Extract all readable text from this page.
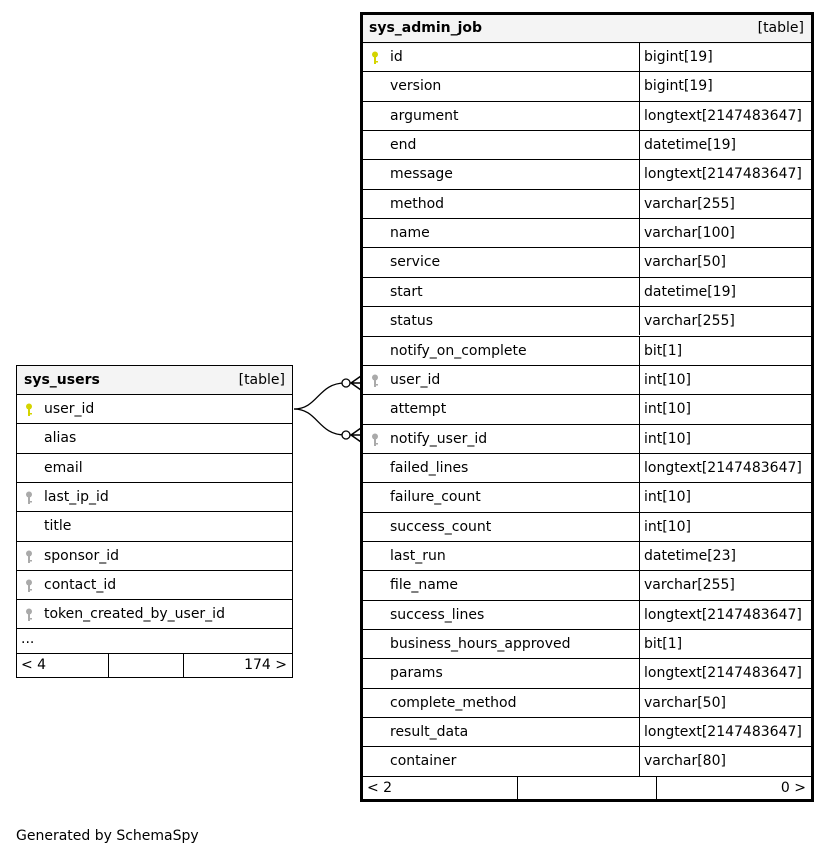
sys_users	[table]
user_id
alias
email
last_ip_id
title
sponsor_id
contact_id
token_created_by_user_id
...
< 4	174 >
sys_admin_job	[table]
id	bigint[19]
version	bigint[19]
argument	longtext[2147483647]
end	datetime[19]
message	longtext[2147483647]
method	varchar[255]
name	varchar[100]
service	varchar[50]
start	datetime[19]
status	varchar[255]
notify_on_complete	bit[1]
user_id	int[10]
attempt	int[10]
notify_user_id	int[10]
failed_lines	longtext[2147483647]
failure_count	int[10]
success_count	int[10]
last_run	datetime[23]
file_name	varchar[255]
success_lines	longtext[2147483647]
business_hours_approved	bit[1]
params	longtext[2147483647]
complete_method	varchar[50]
result_data	longtext[2147483647]
container	varchar[80]
< 2	0 >
Generated by SchemaSpy
